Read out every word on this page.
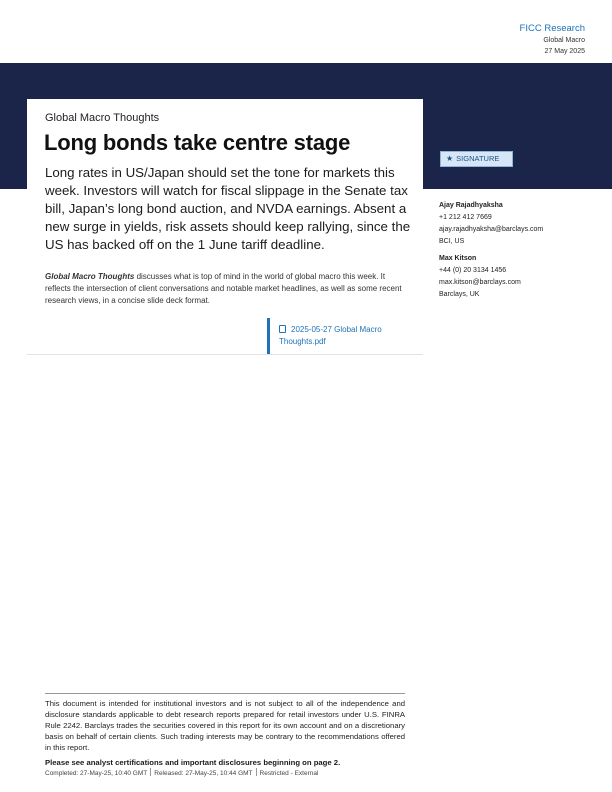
FICC Research
Global Macro
27 May 2025
Global Macro Thoughts
Long bonds take centre stage
Long rates in US/Japan should set the tone for markets this week. Investors will watch for fiscal slippage in the Senate tax bill, Japan’s long bond auction, and NVDA earnings. Absent a new surge in yields, risk assets should keep rallying, since the US has backed off on the 1 June tariff deadline.
Global Macro Thoughts discusses what is top of mind in the world of global macro this week. It reflects the intersection of client conversations and notable market headlines, as well as some recent research views, in a concise slide deck format.
2025-05-27 Global Macro Thoughts.pdf
★ SIGNATURE
Ajay Rajadhyaksha
+1 212 412 7669
ajay.rajadhyaksha@barclays.com
BCI, US
Max Kitson
+44 (0) 20 3134 1456
max.kitson@barclays.com
Barclays, UK
This document is intended for institutional investors and is not subject to all of the independence and disclosure standards applicable to debt research reports prepared for retail investors under U.S. FINRA Rule 2242. Barclays trades the securities covered in this report for its own account and on a discretionary basis on behalf of certain clients. Such trading interests may be contrary to the recommendations offered in this report.
Please see analyst certifications and important disclosures beginning on page 2.
Completed: 27-May-25, 10:40 GMT Released: 27-May-25, 10:44 GMT Restricted - External
